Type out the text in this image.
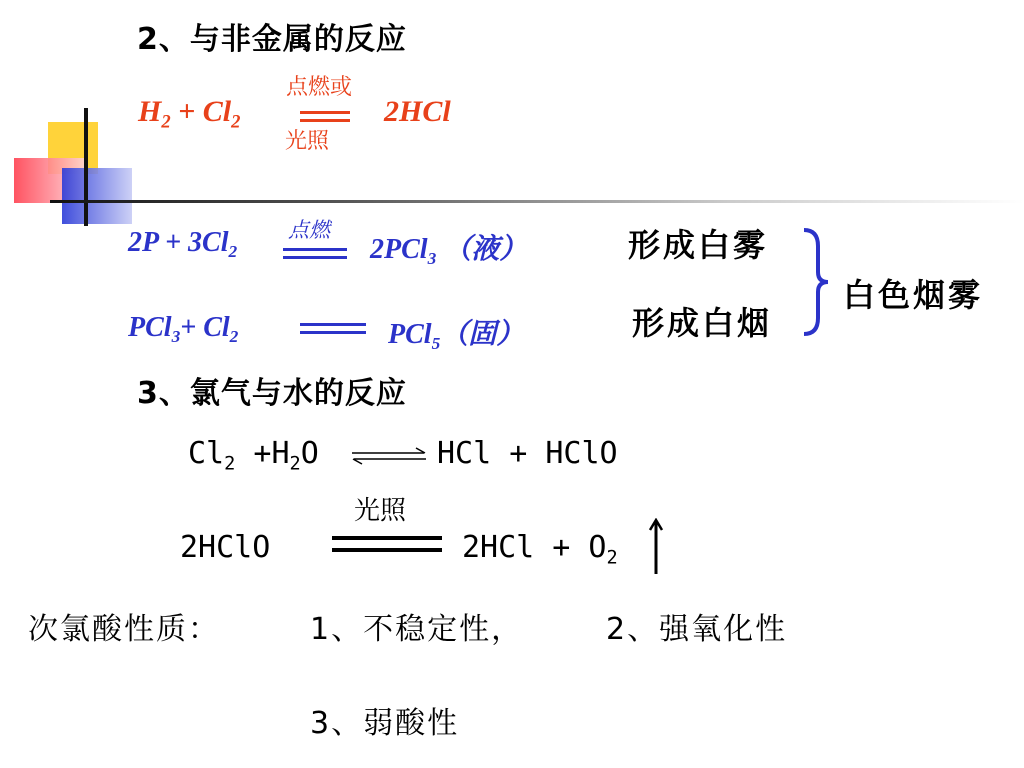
2、与非金属的反应
$H_2 + Cl_2$
点燃或
光照
2HCl
$2P + 3Cl_2$
点燃
2PCl$_3$ （液）	形成白雾
$PCl_3+ Cl_2$	PCl$_5$（固）	形成白烟
白色烟雾
3、氯气与水的反应
$Cl_2 +H_2O$	HCl + HClO
光照
2HClO	$2HCl + O_2$
次氯酸性质：	1、不稳定性，	2、强氧化性
3、弱酸性
